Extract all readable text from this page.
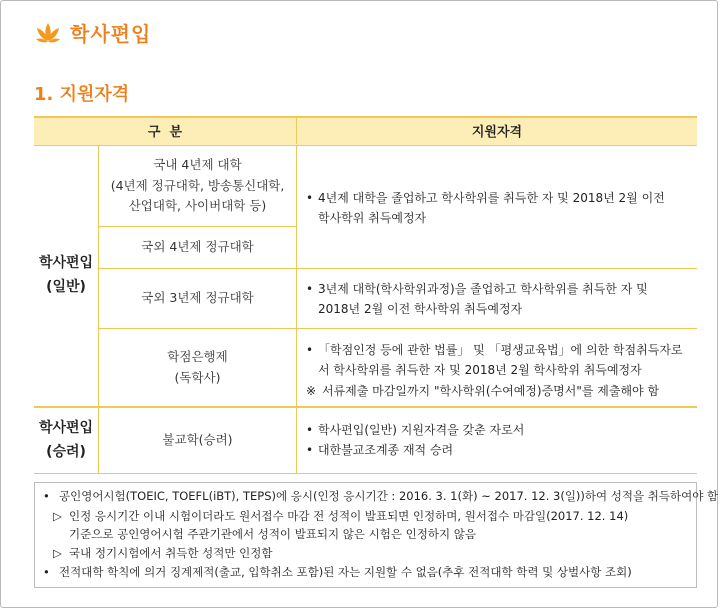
학사편입
1. 지원자격
구  분	지원자격
학사편입
(일반)
학사편입
(승려)
국내 4년제 대학
(4년제 정규대학, 방송통신대학,
산업대학, 사이버대학 등)
국외 4년제 정규대학
국외 3년제 정규대학
학점은행제
(독학사)
불교학(승려)
• 4년제 대학을 졸업하고 학사학위를 취득한 자 및 2018년 2월 이전
학사학위 취득예정자
• 3년제 대학(학사학위과정)을 졸업하고 학사학위를 취득한 자 및
2018년 2월 이전 학사학위 취득예정자
• 「학점인정 등에 관한 법률」 및 「평생교육법」에 의한 학점취득자로
서 학사학위를 취득한 자 및 2018년 2월 학사학위 취득예정자
※ 서류제출 마감일까지 "학사학위(수여예정)증명서"를 제출해야 함
• 학사편입(일반) 지원자격을 갖춘 자로서
• 대한불교조계종 재적 승려
• 공인영어시험(TOEIC, TOEFL(iBT), TEPS)에 응시(인정 응시기간 : 2016. 3. 1(화) ~ 2017. 12. 3(일))하여 성적을 취득하여야 함
▷ 인정 응시기간 이내 시험이더라도 원서접수 마감 전 성적이 발표되면 인정하며, 원서접수 마감일(2017. 12. 14)
기준으로 공인영어시험 주관기관에서 성적이 발표되지 않은 시험은 인정하지 않음
▷ 국내 정기시험에서 취득한 성적만 인정함
• 전적대학 학칙에 의거 징계제적(출교, 입학취소 포함)된 자는 지원할 수 없음(추후 전적대학 학력 및 상벌사항 조회)
